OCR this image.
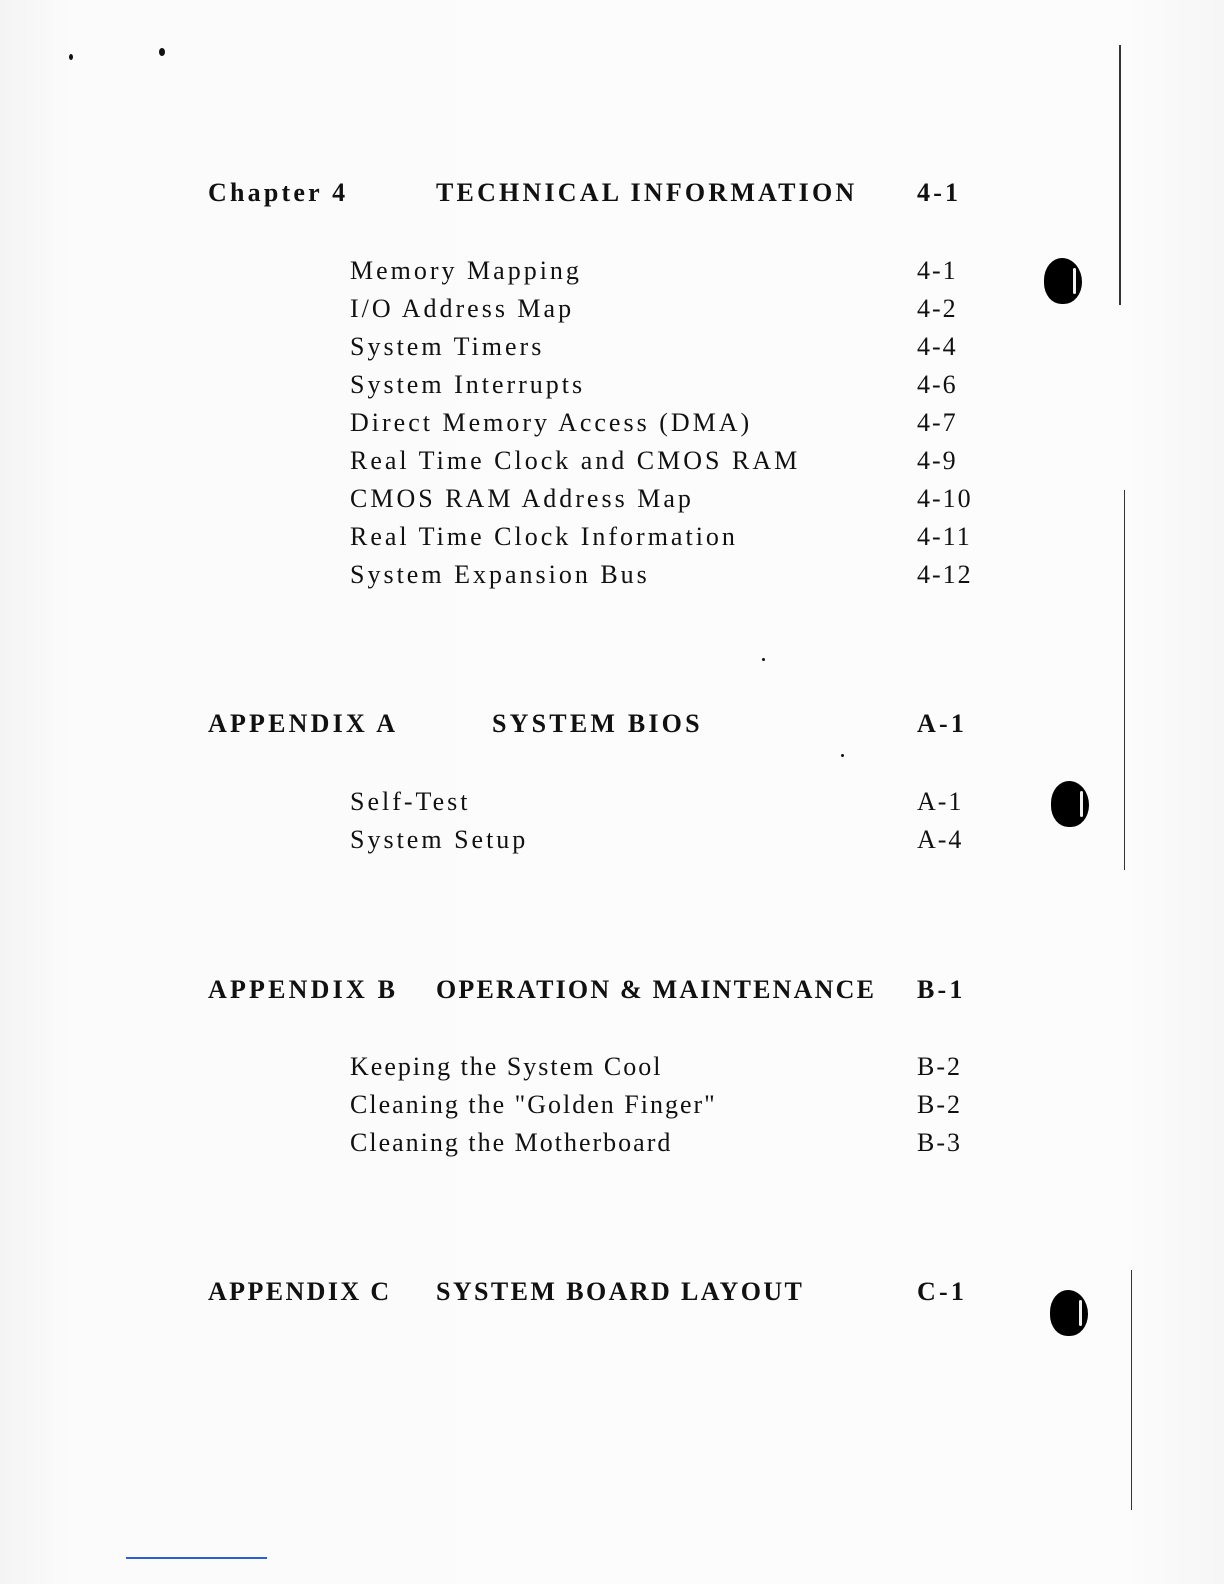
Chapter 4	TECHNICAL INFORMATION 4-1
Memory Mapping	4-1
I/O Address Map	4-2
System Timers	4-4
System Interrupts	4-6
Direct Memory Access (DMA)	4-7
Real Time Clock and CMOS RAM	4-9
CMOS RAM Address Map	4-10
Real Time Clock Information	4-11
System Expansion Bus	4-12
APPENDIX A	SYSTEM BIOS	A-1
Self-Test	A-1
System Setup	A-4
APPENDIX B OPERATION & MAINTENANCE B-1
Keeping the System Cool	B-2
Cleaning the "Golden Finger"	B-2
Cleaning the Motherboard	B-3
APPENDIX C SYSTEM BOARD LAYOUT	C-1
